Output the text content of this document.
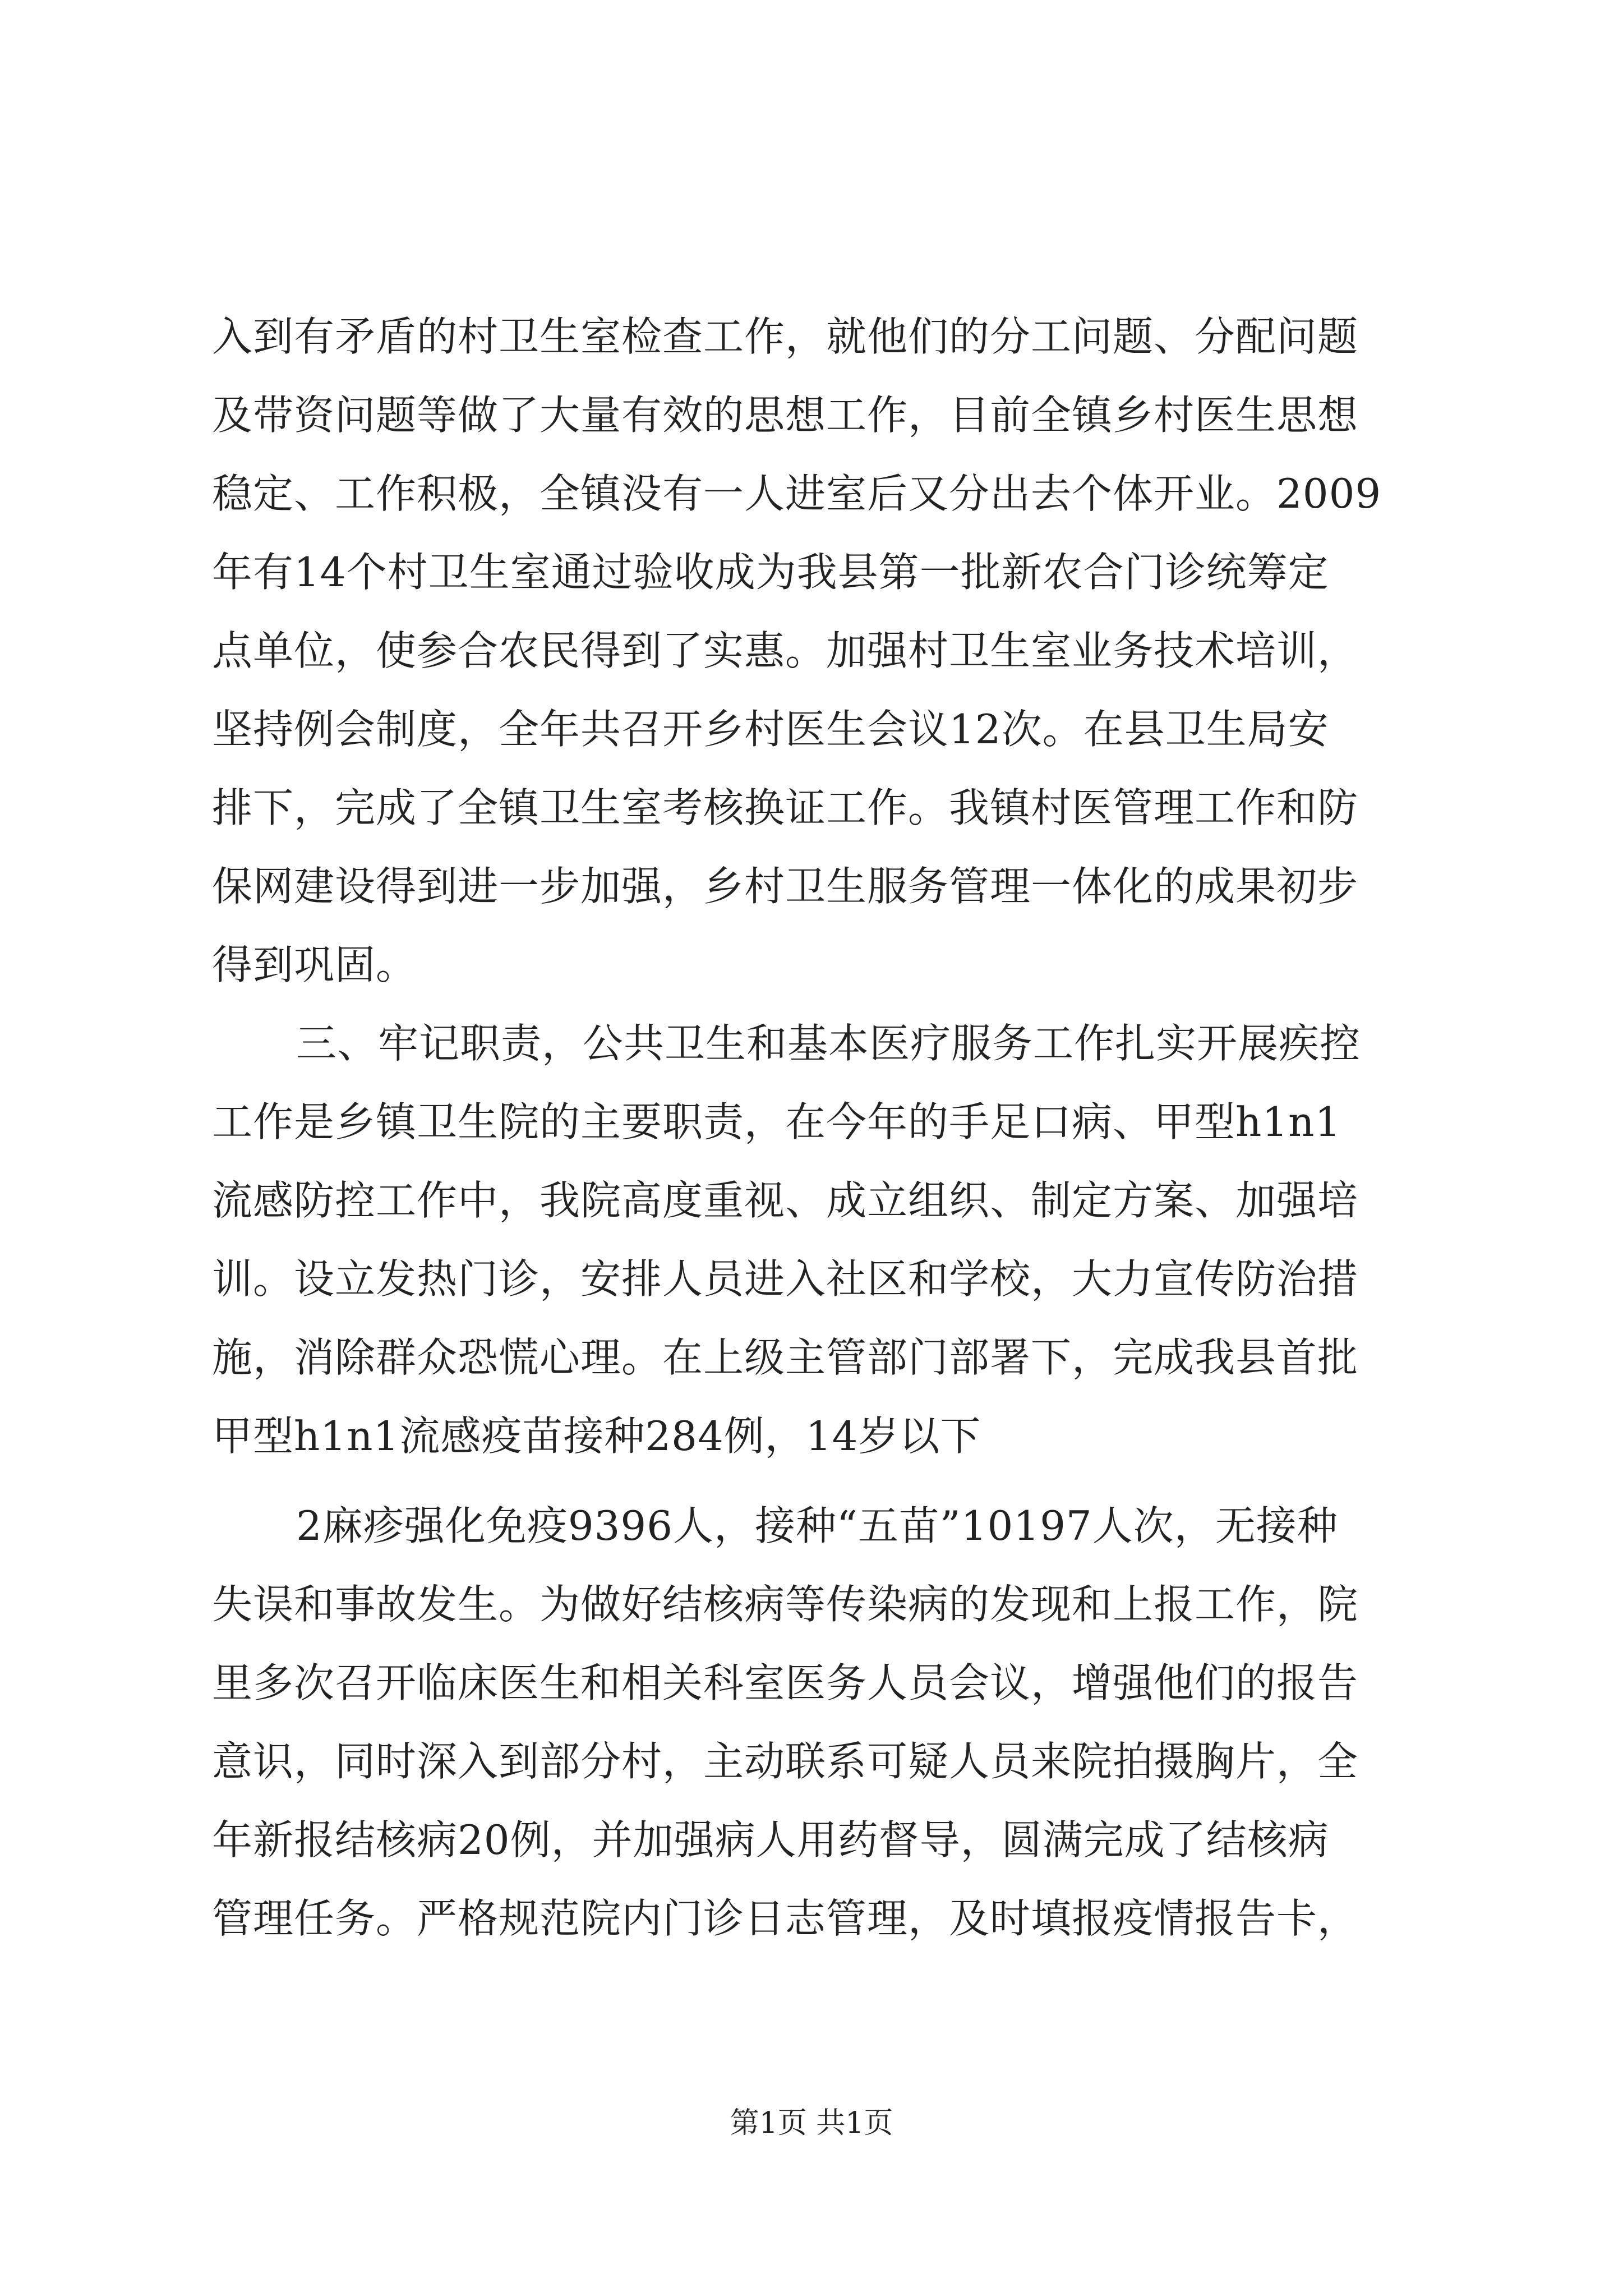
入到有矛盾的村卫生室检查工作，就他们的分工问题、分配问题
及带资问题等做了大量有效的思想工作，目前全镇乡村医生思想
稳定、工作积极，全镇没有一人进室后又分出去个体开业。2009
年有14个村卫生室通过验收成为我县第一批新农合门诊统筹定
点单位，使参合农民得到了实惠。加强村卫生室业务技术培训，
坚持例会制度，全年共召开乡村医生会议12次。在县卫生局安
排下，完成了全镇卫生室考核换证工作。我镇村医管理工作和防
保网建设得到进一步加强，乡村卫生服务管理一体化的成果初步
得到巩固。
三、牢记职责，公共卫生和基本医疗服务工作扎实开展疾控
工作是乡镇卫生院的主要职责，在今年的手足口病、甲型h1n1
流感防控工作中，我院高度重视、成立组织、制定方案、加强培
训。设立发热门诊，安排人员进入社区和学校，大力宣传防治措
施，消除群众恐慌心理。在上级主管部门部署下，完成我县首批
甲型h1n1流感疫苗接种284例，14岁以下
2麻疹强化免疫9396人，接种“五苗”10197人次，无接种
失误和事故发生。为做好结核病等传染病的发现和上报工作，院
里多次召开临床医生和相关科室医务人员会议，增强他们的报告
意识，同时深入到部分村，主动联系可疑人员来院拍摄胸片，全
年新报结核病20例，并加强病人用药督导，圆满完成了结核病
管理任务。严格规范院内门诊日志管理，及时填报疫情报告卡，
第1页 共1页
